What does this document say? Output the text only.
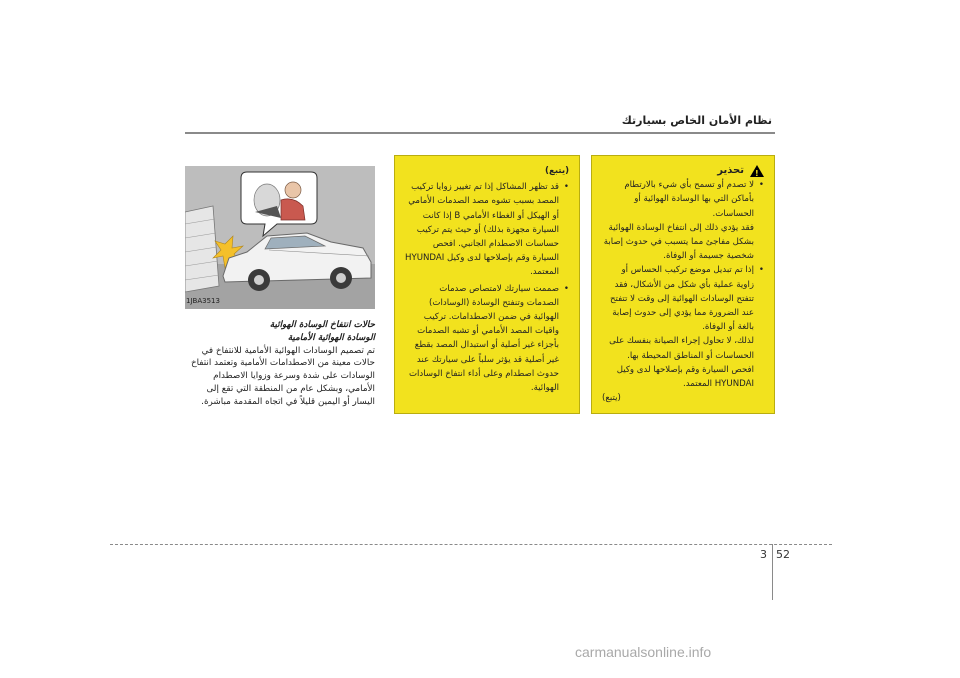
نظام الأمان الخاص بسيارتك
تحذير !
•
لا تصدم أو تسمح بأي شيء بالارتطام بأماكن التي بها الوسادة الهوائية أو الحساسات.
فقد يؤدي ذلك إلى انتفاخ الوسادة الهوائية بشكل مفاجئ مما يتسبب في حدوث إصابة شخصية جسيمة أو الوفاة.
•
إذا تم تبديل موضع تركيب الحساس أو زاوية عملية بأي شكل من الأشكال، فقد تتفتح الوسادات الهوائية إلى وقت لا تتفتح عند الضرورة مما يؤدي إلى حدوث إصابة بالغة أو الوفاة.
لذلك، لا تحاول إجراء الصيانة بنفسك على الحساسات أو المناطق المحيطة بها. افحص السيارة وقم بإصلاحها لدى وكيل HYUNDAI المعتمد.

(يتبع)

(يتبع)

•
قد تظهر المشاكل إذا تم تغيير زوايا تركيب المصد بسبب تشوه مصد الصدمات الأمامي أو الهيكل أو الغطاء الأمامي B إذا كانت السيارة مجهزة بذلك) أو حيث يتم تركيب حساسات الاصطدام الجانبي. افحص السيارة وقم بإصلاحها لدى وكيل HYUNDAI المعتمد.
•
صممت سيارتك لامتصاص صدمات الصدمات وتنفتح الوسادة (الوسادات) الهوائية في ضمن الاصطدامات. تركيب واقيات المصد الأمامي أو تشبه الصدمات بأجزاء غير أصلية أو استبدال المصد بقطع غير أصلية قد يؤثر سلباً على سيارتك عند حدوث اصطدام وعلى أداء انتفاخ الوسادات الهوائية.
1JBA3513

حالات انتفاخ الوسادة الهوائية

الوسادة الهوائية الأمامية

تم تصميم الوسادات الهوائية الأمامية للانتفاخ في حالات معينة من الاصطدامات الأمامية وتعتمد انتفاخ الوسادات على شدة وسرعة وزوايا الاصطدام الأمامي، وبشكل عام من المنطقة التي تقع إلى اليسار أو اليمين قليلاً في اتجاه المقدمة مباشرة.

3 52
carmanualsonline.info
